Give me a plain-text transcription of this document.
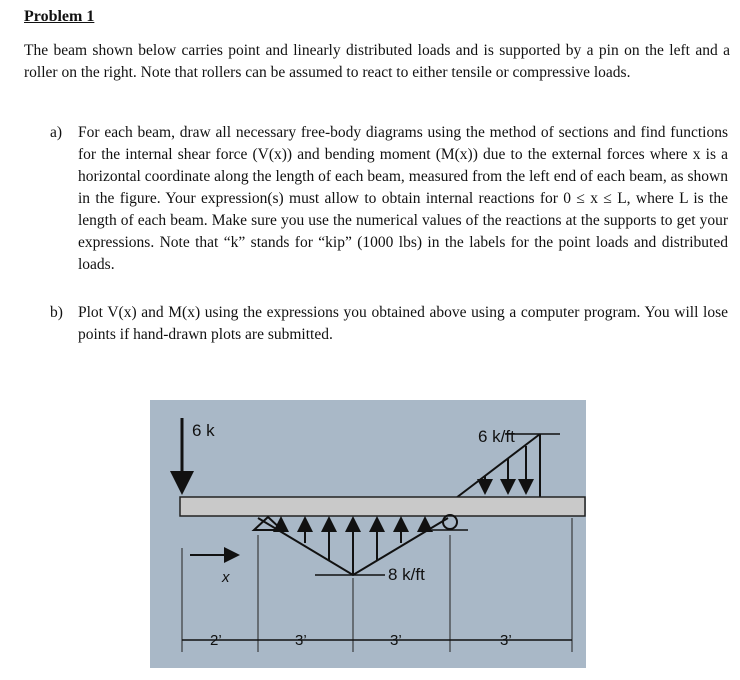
Problem 1
The beam shown below carries point and linearly distributed loads and is supported by a pin on the left and a roller on the right. Note that rollers can be assumed to react to either tensile or compressive loads.
a) For each beam, draw all necessary free-body diagrams using the method of sections and find functions for the internal shear force (V(x)) and bending moment (M(x)) due to the external forces where x is a horizontal coordinate along the length of each beam, measured from the left end of each beam, as shown in the figure. Your expression(s) must allow to obtain internal reactions for 0 ≤ x ≤ L, where L is the length of each beam. Make sure you use the numerical values of the reactions at the supports to get your expressions. Note that “k” stands for “kip” (1000 lbs) in the labels for the point loads and distributed loads.
b) Plot V(x) and M(x) using the expressions you obtained above using a computer program. You will lose points if hand-drawn plots are submitted.
6 k	6 k/ft
8 k/ft
x
2’	3’	3’	3’
